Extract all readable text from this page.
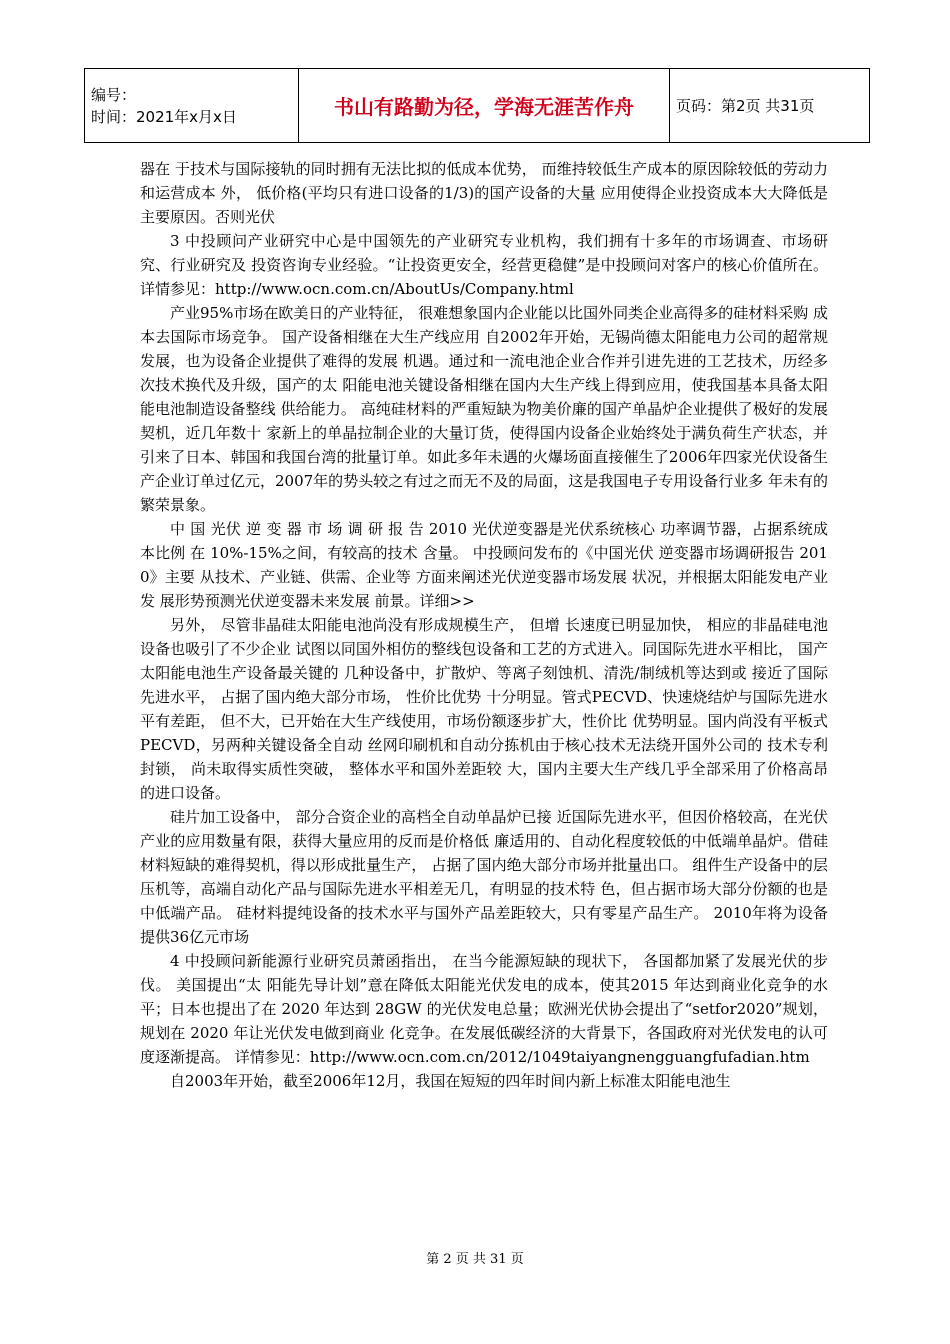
编号：
时间：2021年x月x日	书山有路勤为径，学海无涯苦作舟	页码：第2页 共31页

器在 于技术与国际接轨的同时拥有无法比拟的低成本优势， 而维持较低生产成本的原因除较低的劳动力和运营成本 外， 低价格(平均只有进口设备的1/3)的国产设备的大量 应用使得企业投资成本大大降低是主要原因。否则光伏

3 中投顾问产业研究中心是中国领先的产业研究专业机构，我们拥有十多年的市场调查、市场研究、行业研究及 投资咨询专业经验。“让投资更安全，经营更稳健”是中投顾问对客户的核心价值所在。 详情参见：http://www.ocn.com.cn/AboutUs/Company.html

产业95%市场在欧美日的产业特征， 很难想象国内企业能以比国外同类企业高得多的硅材料采购 成本去国际市场竞争。 国产设备相继在大生产线应用 自2002年开始，无锡尚德太阳能电力公司的超常规发展，也为设备企业提供了难得的发展 机遇。通过和一流电池企业合作并引进先进的工艺技术，历经多次技术换代及升级，国产的太 阳能电池关键设备相继在国内大生产线上得到应用，使我国基本具备太阳能电池制造设备整线 供给能力。 高纯硅材料的严重短缺为物美价廉的国产单晶炉企业提供了极好的发展契机，近几年数十 家新上的单晶拉制企业的大量订货，使得国内设备企业始终处于满负荷生产状态，并引来了日本、韩国和我国台湾的批量订单。如此多年未遇的火爆场面直接催生了2006年四家光伏设备生 产企业订单过亿元，2007年的势头较之有过之而无不及的局面，这是我国电子专用设备行业多 年未有的繁荣景象。

中 国 光伏 逆 变 器 市 场 调 研 报 告 2010 光伏逆变器是光伏系统核心 功率调节器，占据系统成本比例 在 10%-15%之间，有较高的技术 含量。 中投顾问发布的《中国光伏 逆变器市场调研报告 2010》主要 从技术、产业链、供需、企业等 方面来阐述光伏逆变器市场发展 状况，并根据太阳能发电产业发 展形势预测光伏逆变器未来发展 前景。详细>>

另外， 尽管非晶硅太阳能电池尚没有形成规模生产， 但增 长速度已明显加快， 相应的非晶硅电池设备也吸引了不少企业 试图以同国外相仿的整线包设备和工艺的方式进入。同国际先进水平相比， 国产太阳能电池生产设备最关键的 几种设备中，扩散炉、等离子刻蚀机、清洗/制绒机等达到或 接近了国际先进水平， 占据了国内绝大部分市场， 性价比优势 十分明显。管式PECVD、快速烧结炉与国际先进水平有差距， 但不大，已开始在大生产线使用，市场份额逐步扩大，性价比 优势明显。国内尚没有平板式PECVD，另两种关键设备全自动 丝网印刷机和自动分拣机由于核心技术无法绕开国外公司的 技术专利封锁， 尚未取得实质性突破， 整体水平和国外差距较 大，国内主要大生产线几乎全部采用了价格高昂的进口设备。

硅片加工设备中， 部分合资企业的高档全自动单晶炉已接 近国际先进水平，但因价格较高，在光伏产业的应用数量有限，获得大量应用的反而是价格低 廉适用的、自动化程度较低的中低端单晶炉。借硅材料短缺的难得契机，得以形成批量生产， 占据了国内绝大部分市场并批量出口。 组件生产设备中的层压机等，高端自动化产品与国际先进水平相差无几，有明显的技术特 色，但占据市场大部分份额的也是中低端产品。 硅材料提纯设备的技术水平与国外产品差距较大，只有零星产品生产。 2010年将为设备提供36亿元市场

4 中投顾问新能源行业研究员萧函指出， 在当今能源短缺的现状下， 各国都加紧了发展光伏的步伐。 美国提出“太 阳能先导计划”意在降低太阳能光伏发电的成本，使其2015 年达到商业化竞争的水平；日本也提出了在 2020 年达到 28GW 的光伏发电总量；欧洲光伏协会提出了“setfor2020”规划，规划在 2020 年让光伏发电做到商业 化竞争。在发展低碳经济的大背景下，各国政府对光伏发电的认可度逐渐提高。 详情参见：http://www.ocn.com.cn/2012/1049taiyangnengguangfufadian.htm

自2003年开始，截至2006年12月，我国在短短的四年时间内新上标准太阳能电池生

第 2 页 共 31 页
